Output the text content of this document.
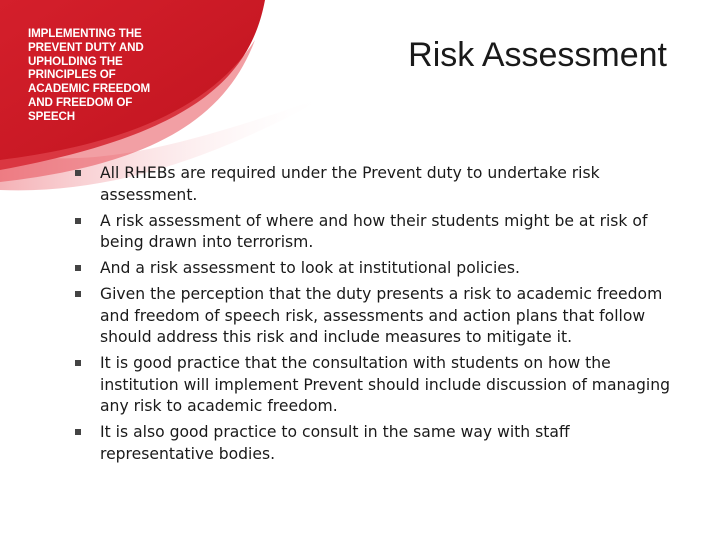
IMPLEMENTING THE
PREVENT DUTY AND
UPHOLDING THE
PRINCIPLES OF
ACADEMIC FREEDOM
AND FREEDOM OF
SPEECH
Risk Assessment
All RHEBs are required under the Prevent duty to undertake risk assessment.
A risk assessment of where and how their students might be at risk of being drawn into terrorism.
And a risk assessment to look at institutional policies.
Given the perception that the duty presents a risk to academic freedom and freedom of speech risk, assessments and action plans that follow should address this risk and include measures to mitigate it.
It is good practice that the consultation with students on how the institution will implement Prevent should include discussion of managing any risk to academic freedom.
It is also good practice to consult in the same way with staff representative bodies.
